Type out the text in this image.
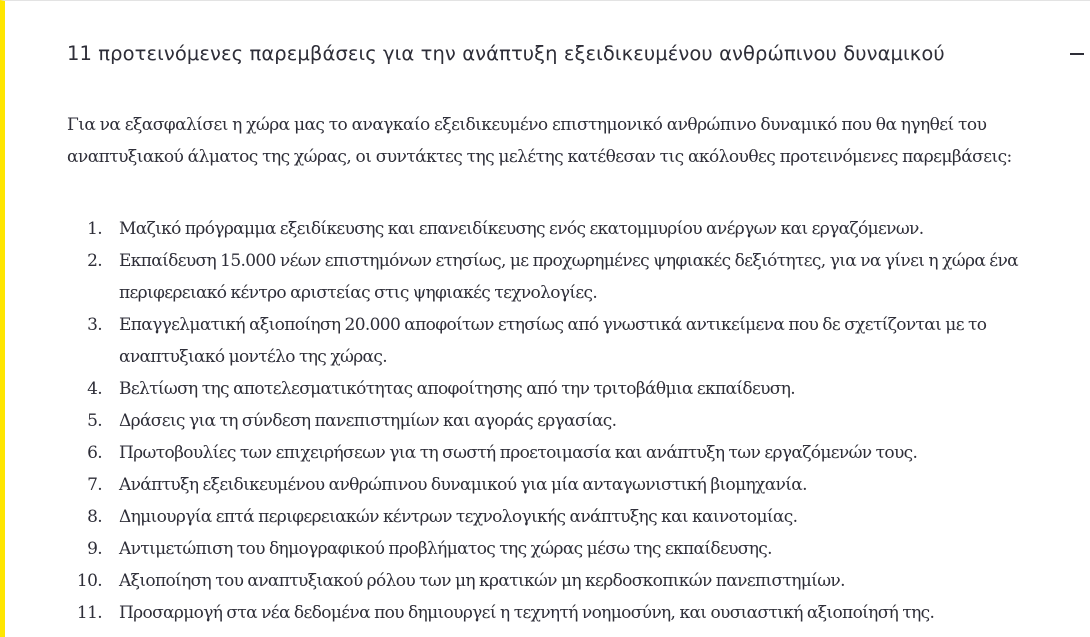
11 προτεινόμενες παρεμβάσεις για την ανάπτυξη εξειδικευμένου ανθρώπινου δυναμικού

Για να εξασφαλίσει η χώρα μας το αναγκαίο εξειδικευμένο επιστημονικό ανθρώπινο δυναμικό που θα ηγηθεί του αναπτυξιακού άλματος της χώρας, οι συντάκτες της μελέτης κατέθεσαν τις ακόλουθες προτεινόμενες παρεμβάσεις:

1. Μαζικό πρόγραμμα εξειδίκευσης και επανειδίκευσης ενός εκατομμυρίου ανέργων και εργαζόμενων.
2. Εκπαίδευση 15.000 νέων επιστημόνων ετησίως, με προχωρημένες ψηφιακές δεξιότητες, για να γίνει η χώρα ένα περιφερειακό κέντρο αριστείας στις ψηφιακές τεχνολογίες.
3. Επαγγελματική αξιοποίηση 20.000 αποφοίτων ετησίως από γνωστικά αντικείμενα που δε σχετίζονται με το αναπτυξιακό μοντέλο της χώρας.
4. Βελτίωση της αποτελεσματικότητας αποφοίτησης από την τριτοβάθμια εκπαίδευση.
5. Δράσεις για τη σύνδεση πανεπιστημίων και αγοράς εργασίας.
6. Πρωτοβουλίες των επιχειρήσεων για τη σωστή προετοιμασία και ανάπτυξη των εργαζόμενών τους.
7. Ανάπτυξη εξειδικευμένου ανθρώπινου δυναμικού για μία ανταγωνιστική βιομηχανία.
8. Δημιουργία επτά περιφερειακών κέντρων τεχνολογικής ανάπτυξης και καινοτομίας.
9. Αντιμετώπιση του δημογραφικού προβλήματος της χώρας μέσω της εκπαίδευσης.
10. Αξιοποίηση του αναπτυξιακού ρόλου των μη κρατικών μη κερδοσκοπικών πανεπιστημίων.
11. Προσαρμογή στα νέα δεδομένα που δημιουργεί η τεχνητή νοημοσύνη, και ουσιαστική αξιοποίησή της.
